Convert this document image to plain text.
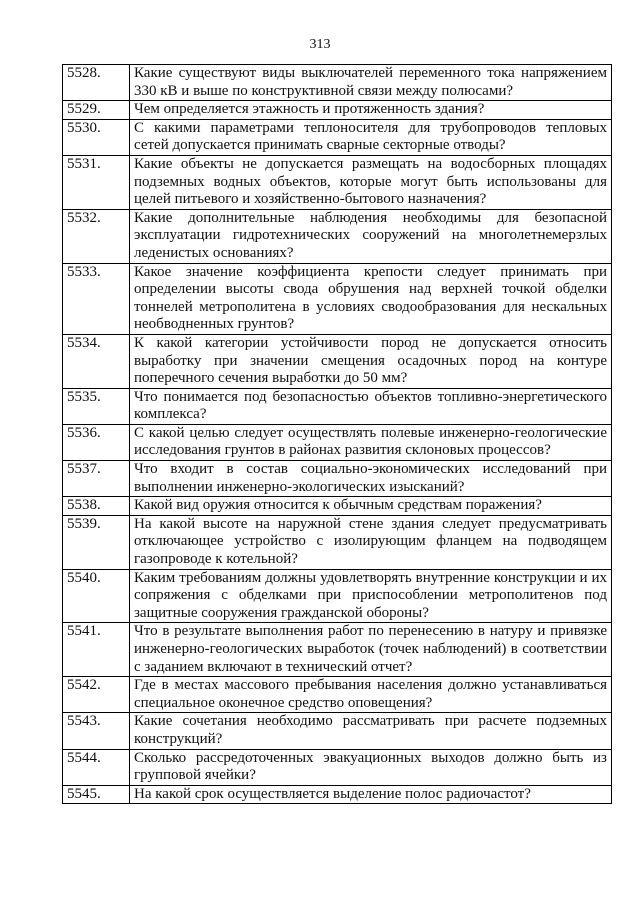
313
5528.	Какие существуют виды выключателей переменного тока напряжением 330 кВ и выше по конструктивной связи между полюсами?
5529.	Чем определяется этажность и протяженность здания?
5530.	С какими параметрами теплоносителя для трубопроводов тепловых сетей допускается принимать сварные секторные отводы?
5531.	Какие объекты не допускается размещать на водосборных площадях подземных водных объектов, которые могут быть использованы для целей питьевого и хозяйственно-бытового назначения?
5532.	Какие дополнительные наблюдения необходимы для безопасной эксплуатации гидротехнических сооружений на многолетнемерзлых леденистых основаниях?
5533.	Какое значение коэффициента крепости следует принимать при определении высоты свода обрушения над верхней точкой обделки тоннелей метрополитена в условиях сводообразования для нескальных необводненных грунтов?
5534.	К какой категории устойчивости пород не допускается относить выработку при значении смещения осадочных пород на контуре поперечного сечения выработки до 50 мм?
5535.	Что понимается под безопасностью объектов топливно-энергетического комплекса?
5536.	С какой целью следует осуществлять полевые инженерно-геологические исследования грунтов в районах развития склоновых процессов?
5537.	Что входит в состав социально-экономических исследований при выполнении инженерно-экологических изысканий?
5538.	Какой вид оружия относится к обычным средствам поражения?
5539.	На какой высоте на наружной стене здания следует предусматривать отключающее устройство с изолирующим фланцем на подводящем газопроводе к котельной?
5540.	Каким требованиям должны удовлетворять внутренние конструкции и их сопряжения с обделками при приспособлении метрополитенов под защитные сооружения гражданской обороны?
5541.	Что в результате выполнения работ по перенесению в натуру и привязке инженерно-геологических выработок (точек наблюдений) в соответствии с заданием включают в технический отчет?
5542.	Где в местах массового пребывания населения должно устанавливаться специальное оконечное средство оповещения?
5543.	Какие сочетания необходимо рассматривать при расчете подземных конструкций?
5544.	Сколько рассредоточенных эвакуационных выходов должно быть из групповой ячейки?
5545.	На какой срок осуществляется выделение полос радиочастот?
